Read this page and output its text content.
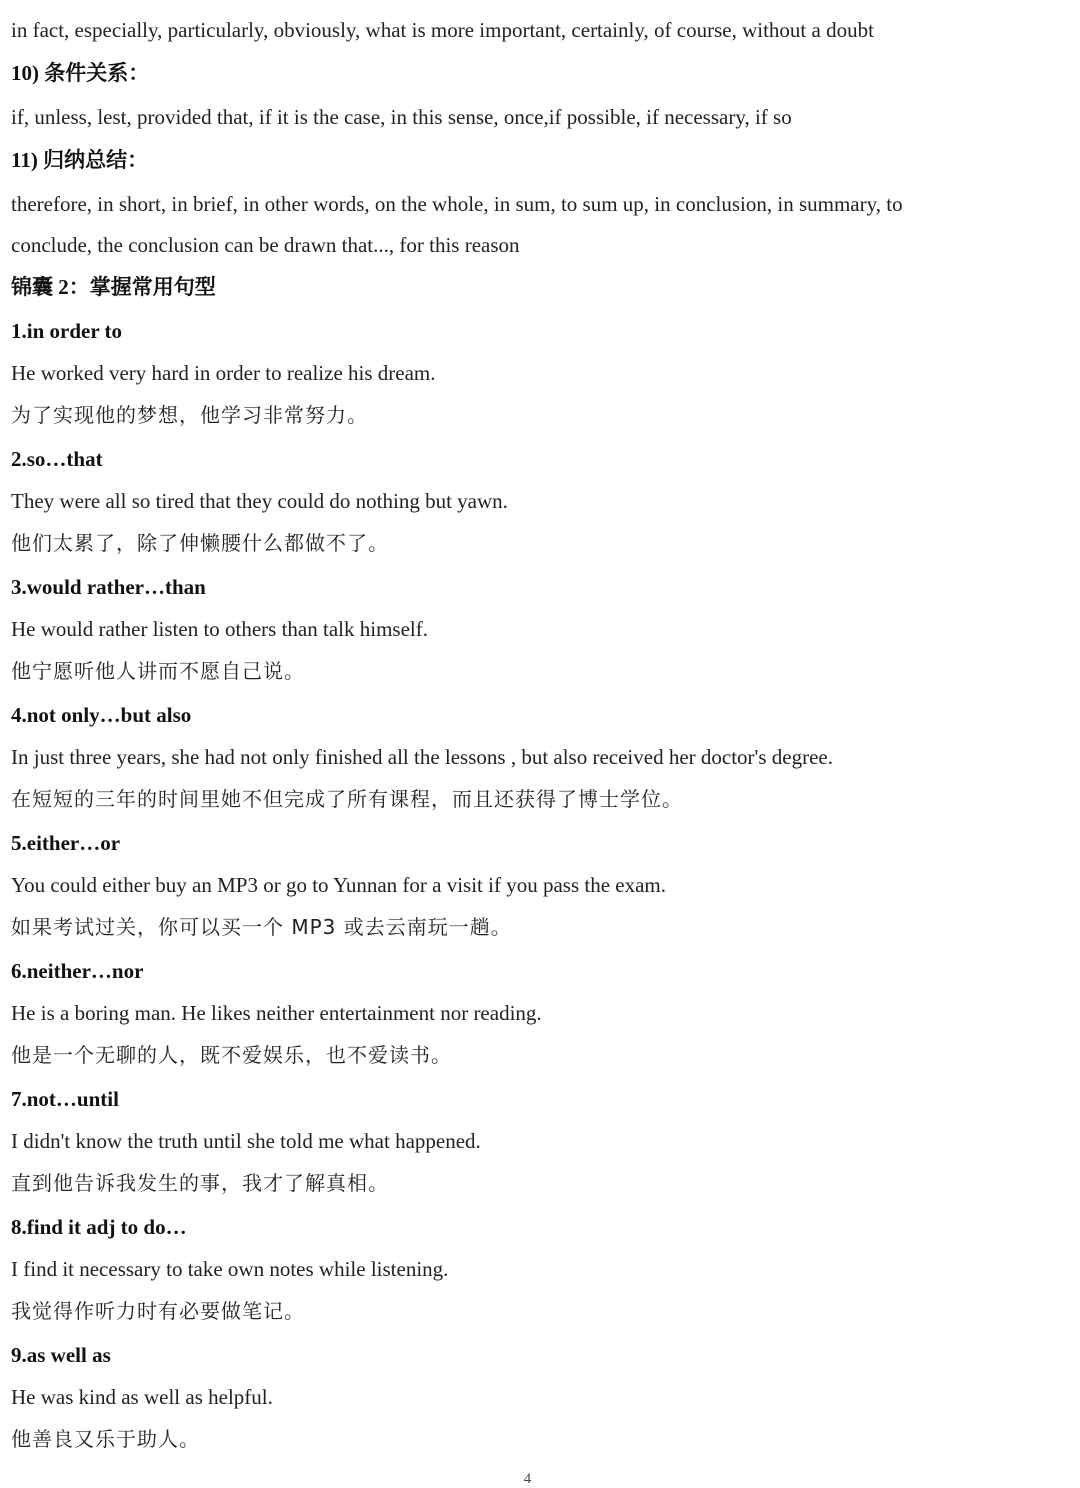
in fact, especially, particularly, obviously, what is more important, certainly, of course, without a doubt
10) 条件关系：
if, unless, lest, provided that, if it is the case, in this sense, once,if possible, if necessary, if so
11) 归纳总结：
therefore, in short, in brief, in other words, on the whole, in sum, to sum up, in conclusion, in summary, to
conclude, the conclusion can be drawn that..., for this reason
锦囊 2：掌握常用句型
1.in order to
He worked very hard in order to realize his dream.
为了实现他的梦想，他学习非常努力。
2.so…that
They were all so tired that they could do nothing but yawn.
他们太累了，除了伸懒腰什么都做不了。
3.would rather…than
He would rather listen to others than talk himself.
他宁愿听他人讲而不愿自己说。
4.not only…but also
In just three years, she had not only finished all the lessons , but also received her doctor's degree.
在短短的三年的时间里她不但完成了所有课程，而且还获得了博士学位。
5.either…or
You could either buy an MP3 or go to Yunnan for a visit if you pass the exam.
如果考试过关，你可以买一个 MP3 或去云南玩一趟。
6.neither…nor
He is a boring man. He likes neither entertainment nor reading.
他是一个无聊的人，既不爱娱乐，也不爱读书。
7.not…until
I didn't know the truth until she told me what happened.
直到他告诉我发生的事，我才了解真相。
8.find it adj to do…
I find it necessary to take own notes while listening.
我觉得作听力时有必要做笔记。
9.as well as
He was kind as well as helpful.
他善良又乐于助人。
4
